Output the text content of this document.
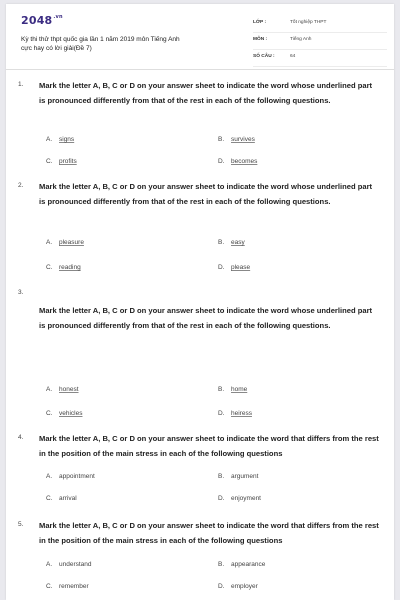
$2048^{.vn}$
Kỳ thi thử thpt quốc gia lần 1 năm 2019 môn Tiếng Anh
cực hay có lời giải(Đề 7)
LỚP :	Tốt nghiệp THPT
MÔN :	Tiếng Anh
SỐ CÂU :	64
1. Mark the letter A, B, C or D on your answer sheet to indicate the word whose underlined part is pronounced differently from that of the rest in each of the following questions.
A. signs	B. survives
C. profits	D. becomes
2. Mark the letter A, B, C or D on your answer sheet to indicate the word whose underlined part is pronounced differently from that of the rest in each of the following questions.
A. pleasure	B. easy
C. reading	D. please
3.
Mark the letter A, B, C or D on your answer sheet to indicate the word whose underlined part is pronounced differently from that of the rest in each of the following questions.
A. honest	B. home
C. vehicles	D. heiress
4. Mark the letter A, B, C or D on your answer sheet to indicate the word that differs from the rest in the position of the main stress in each of the following questions
A. appointment	B. argument
C. arrival	D. enjoyment
5. Mark the letter A, B, C or D on your answer sheet to indicate the word that differs from the rest in the position of the main stress in each of the following questions
A. understand	B. appearance
C. remember	D. employer
